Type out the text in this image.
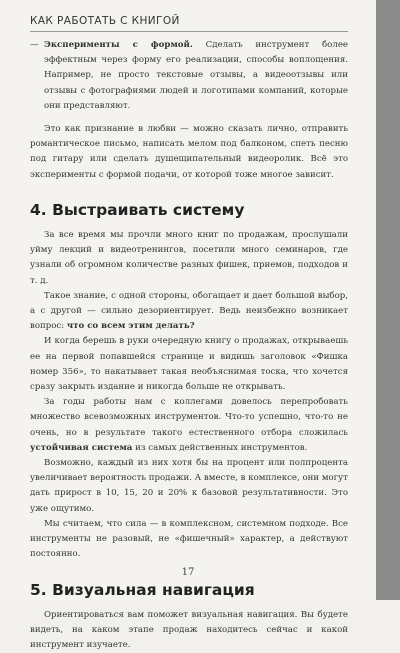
КАК РАБОТАТЬ С КНИГОЙ

— Эксперименты с формой. Сделать инструмент более эффектным через форму его реализации, способы воплощения. Например, не просто текстовые отзывы, а видеоотзывы или отзывы с фотографиями людей и логотипами компаний, которые они представляют.

Это как признание в любви — можно сказать лично, отправить романтическое письмо, написать мелом под балконом, спеть песню под гитару или сделать душещипательный видеоролик. Всё это эксперименты с формой подачи, от которой тоже многое зависит.

4. Выстраивать систему

За все время мы прочли много книг по продажам, прослушали уйму лекций и видеотренингов, посетили много семинаров, где узнали об огромном количестве разных фишек, приемов, подходов и т. д.

Такое знание, с одной стороны, обогащает и дает большой выбор, а с другой — сильно дезориентирует. Ведь неизбежно возникает вопрос: что со всем этим делать?

И когда берешь в руки очередную книгу о продажах, открываешь ее на первой попавшейся странице и видишь заголовок «Фишка номер 356», то накатывает такая необъяснимая тоска, что хочется сразу закрыть издание и никогда больше не открывать.

За годы работы нам с коллегами довелось перепробовать множество всевозможных инструментов. Что-то успешно, что-то не очень, но в результате такого естественного отбора сложилась устойчивая система из самых действенных инструментов.

Возможно, каждый из них хотя бы на процент или полпроцента увеличивает вероятность продажи. А вместе, в комплексе, они могут дать прирост в 10, 15, 20 и 20% к базовой результативности. Это уже ощутимо.

Мы считаем, что сила — в комплексном, системном подходе. Все инструменты не разовый, не «фишечный» характер, а действуют постоянно.

5. Визуальная навигация

Ориентироваться вам поможет визуальная навигация. Вы будете видеть, на каком этапе продаж находитесь сейчас и какой инструмент изучаете.

17
